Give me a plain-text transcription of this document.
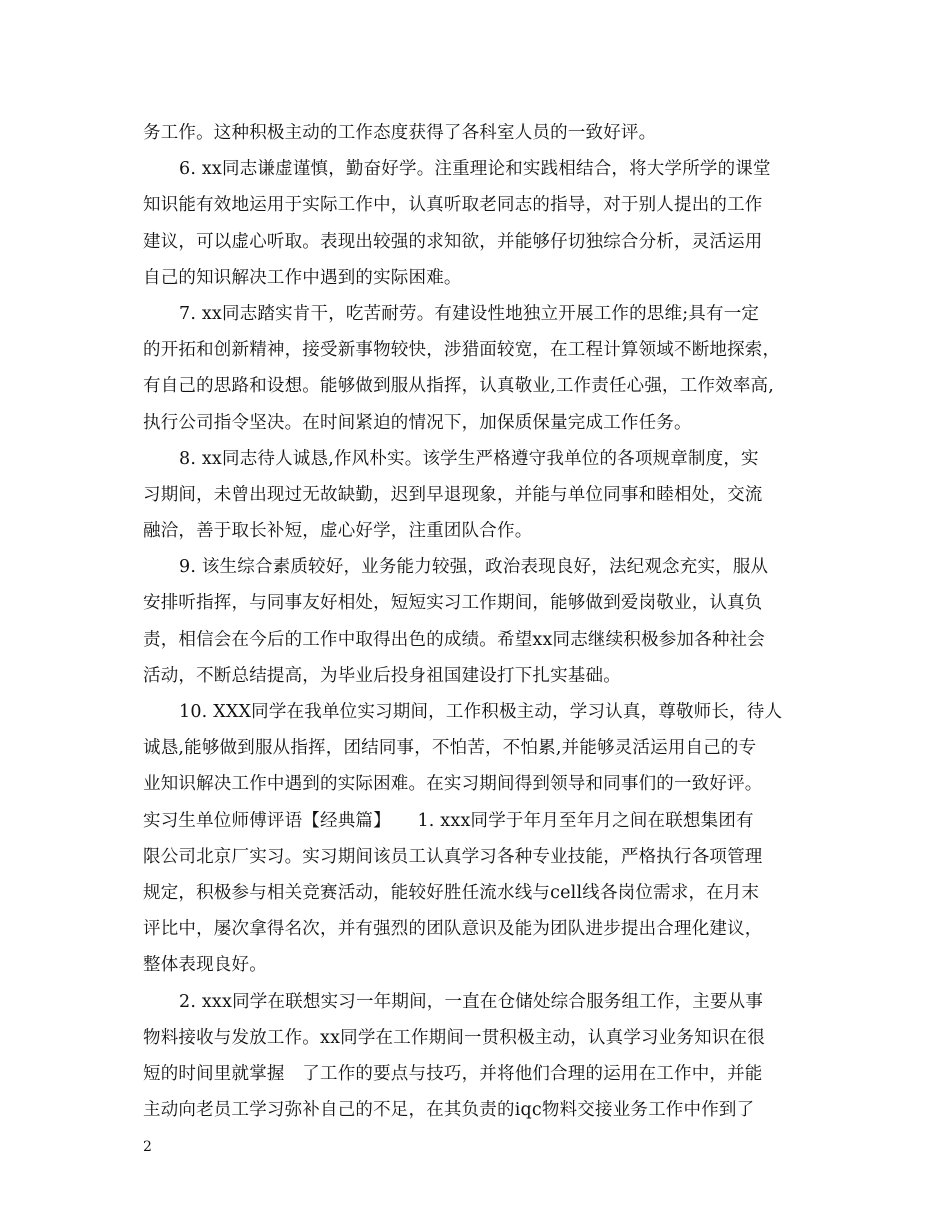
务工作。这种积极主动的工作态度获得了各科室人员的一致好评。
6. xx同志谦虚谨慎，勤奋好学。注重理论和实践相结合，将大学所学的课堂
知识能有效地运用于实际工作中，认真听取老同志的指导，对于别人提出的工作
建议，可以虚心听取。表现出较强的求知欲，并能够仔切独综合分析，灵活运用
自己的知识解决工作中遇到的实际困难。
7. xx同志踏实肯干，吃苦耐劳。有建设性地独立开展工作的思维;具有一定
的开拓和创新精神，接受新事物较快，涉猎面较宽，在工程计算领域不断地探索，
有自己的思路和设想。能够做到服从指挥，认真敬业,工作责任心强，工作效率高,
执行公司指令坚决。在时间紧迫的情况下，加保质保量完成工作任务。
8. xx同志待人诚恳,作风朴实。该学生严格遵守我单位的各项规章制度，实
习期间，未曾出现过无故缺勤，迟到早退现象，并能与单位同事和睦相处，交流
融洽，善于取长补短，虚心好学，注重团队合作。
9. 该生综合素质较好，业务能力较强，政治表现良好，法纪观念充实，服从
安排听指挥，与同事友好相处，短短实习工作期间，能够做到爱岗敬业，认真负
责，相信会在今后的工作中取得出色的成绩。希望xx同志继续积极参加各种社会
活动，不断总结提高，为毕业后投身祖国建设打下扎实基础。
10. XXX同学在我单位实习期间，工作积极主动，学习认真，尊敬师长，待人
诚恳,能够做到服从指挥，团结同事，不怕苦，不怕累,并能够灵活运用自己的专
业知识解决工作中遇到的实际困难。在实习期间得到领导和同事们的一致好评。
实习生单位师傅评语【经典篇】　　1. xxx同学于年月至年月之间在联想集团有
限公司北京厂实习。实习期间该员工认真学习各种专业技能，严格执行各项管理
规定，积极参与相关竞赛活动，能较好胜任流水线与cell线各岗位需求，在月末
评比中，屡次拿得名次，并有强烈的团队意识及能为团队进步提出合理化建议，
整体表现良好。
2. xxx同学在联想实习一年期间，一直在仓储处综合服务组工作，主要从事
物料接收与发放工作。xx同学在工作期间一贯积极主动，认真学习业务知识在很
短的时间里就掌握　了工作的要点与技巧，并将他们合理的运用在工作中，并能
主动向老员工学习弥补自己的不足，在其负责的iqc物料交接业务工作中作到了
2
